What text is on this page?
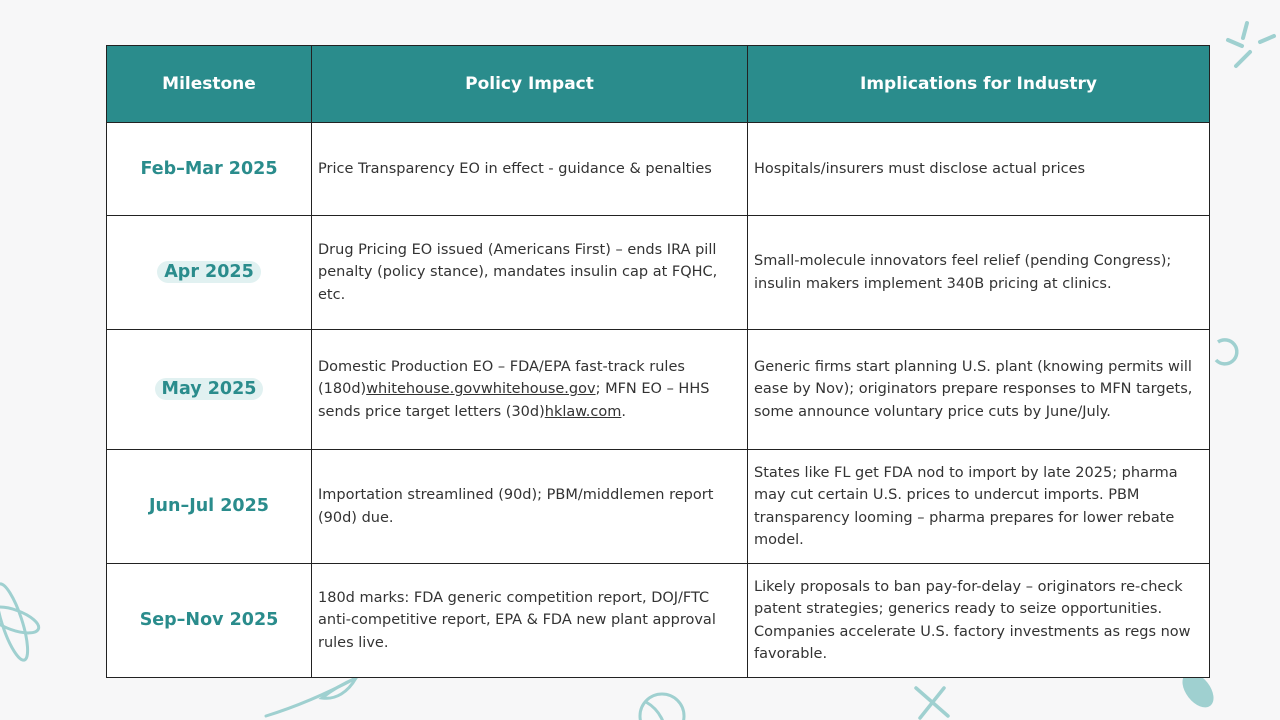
Milestone	Policy Impact	Implications for Industry
Feb–Mar 2025	Price Transparency EO in effect - guidance & penalties	Hospitals/insurers must disclose actual prices
Apr 2025	Drug Pricing EO issued (Americans First) – ends IRA pill penalty (policy stance), mandates insulin cap at FQHC, etc.	Small-molecule innovators feel relief (pending Congress); insulin makers implement 340B pricing at clinics.
May 2025	Domestic Production EO – FDA/EPA fast-track rules (180d)whitehouse.govwhitehouse.gov; MFN EO – HHS sends price target letters (30d)hklaw.com.	Generic firms start planning U.S. plant (knowing permits will ease by Nov); originators prepare responses to MFN targets, some announce voluntary price cuts by June/July.
Jun–Jul 2025	Importation streamlined (90d); PBM/middlemen report (90d) due.	States like FL get FDA nod to import by late 2025; pharma may cut certain U.S. prices to undercut imports. PBM transparency looming – pharma prepares for lower rebate model.
Sep–Nov 2025	180d marks: FDA generic competition report, DOJ/FTC anti-competitive report, EPA & FDA new plant approval rules live.	Likely proposals to ban pay-for-delay – originators re-check patent strategies; generics ready to seize opportunities. Companies accelerate U.S. factory investments as regs now favorable.
